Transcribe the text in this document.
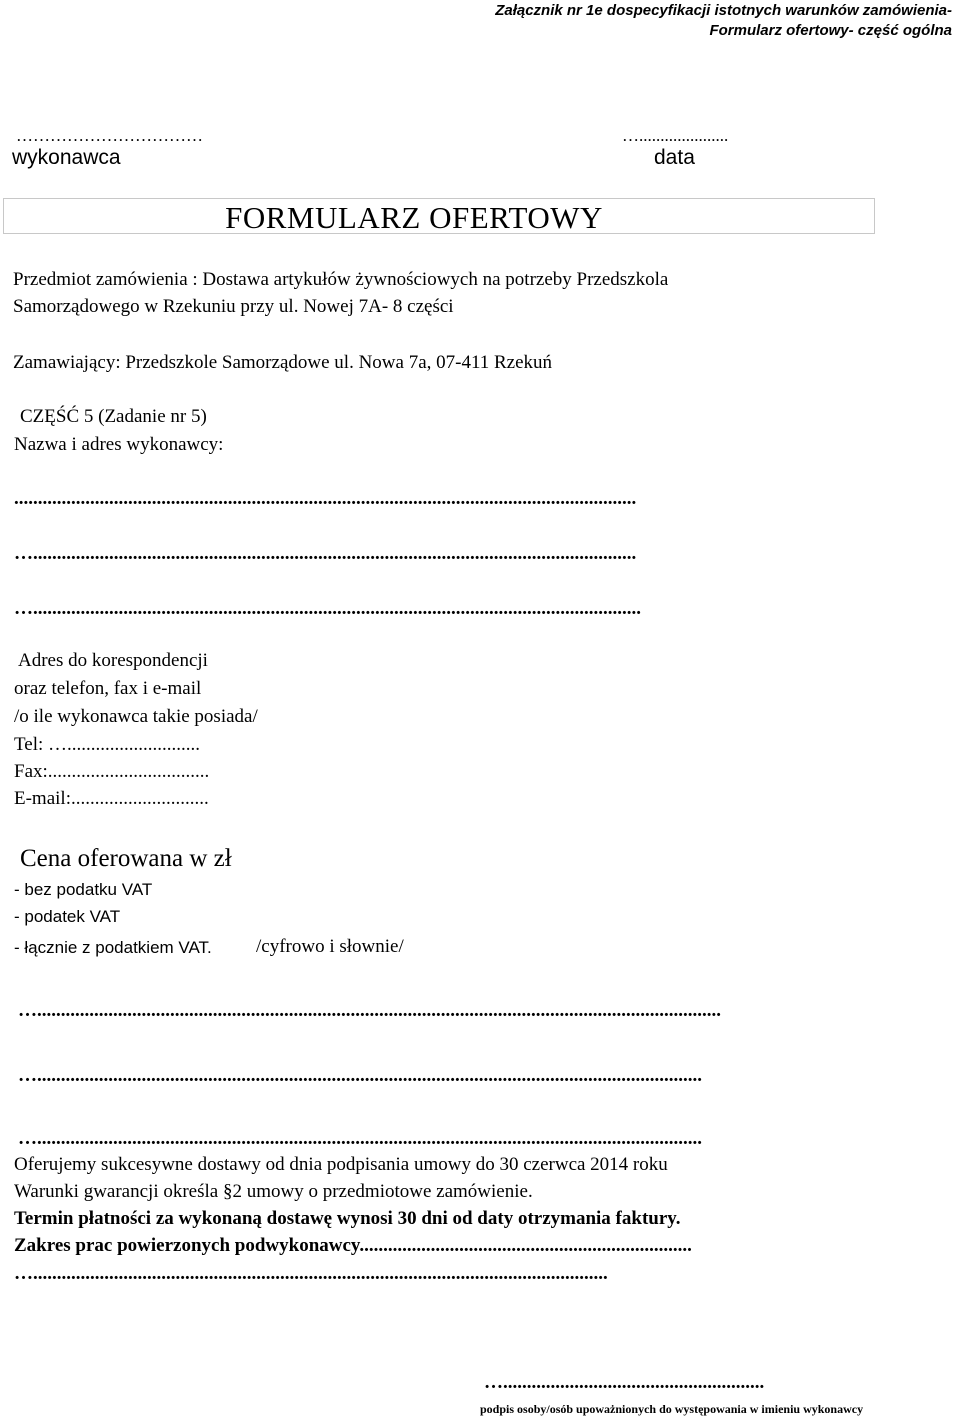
Załącznik nr 1e dospecyfikacji istotnych warunków zamówienia-
Formularz ofertowy- część ogólna
……………………………
wykonawca
….....................
data
FORMULARZ OFERTOWY
Przedmiot zamówienia : Dostawa artykułów żywnościowych na potrzeby Przedszkola
Samorządowego w Rzekuniu przy ul. Nowej 7A- 8 części
Zamawiający: Przedszkole Samorządowe ul. Nowa 7a, 07-411 Rzekuń
CZĘŚĆ 5 (Zadanie nr 5)
Nazwa i adres wykonawcy:
...................................................................................................................................
…...............................................................................................................................
…................................................................................................................................
Adres do korespondencji
oraz telefon, fax i e-mail
/o ile wykonawca takie posiada/
Tel: …............................
Fax:..................................
E-mail:.............................
Cena oferowana w zł
- bez podatku VAT
- podatek VAT
- łącznie z podatkiem VAT. /cyfrowo i słownie/
…................................................................................................................................................
…............................................................................................................................................
…............................................................................................................................................
Oferujemy sukcesywne dostawy od dnia podpisania umowy do 30 czerwca 2014 roku
Warunki gwarancji określa §2 umowy o przedmiotowe zamówienie.
Termin płatności za wykonaną dostawę wynosi 30 dni od daty otrzymania faktury.
Zakres prac powierzonych podwykonawcy......................................................................
….........................................................................................................................
….......................................................
podpis osoby/osób upoważnionych do występowania w imieniu wykonawcy
